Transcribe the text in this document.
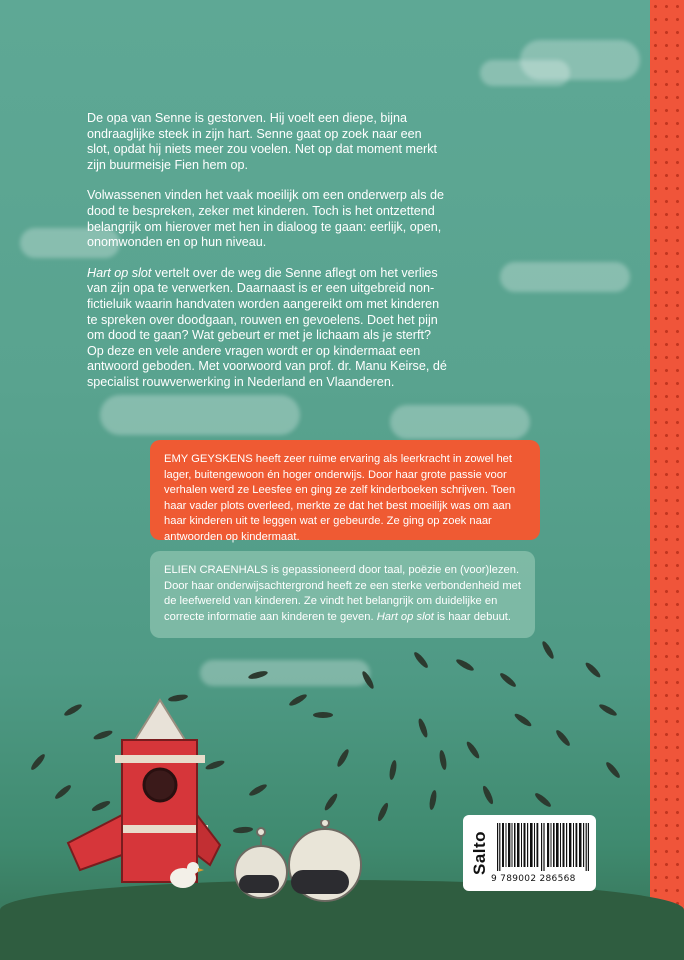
De opa van Senne is gestorven. Hij voelt een diepe, bijna ondraaglijke steek in zijn hart. Senne gaat op zoek naar een slot, opdat hij niets meer zou voelen. Net op dat moment merkt zijn buurmeisje Fien hem op.

Volwassenen vinden het vaak moeilijk om een onderwerp als de dood te bespreken, zeker met kinderen. Toch is het ontzettend belangrijk om hierover met hen in dialoog te gaan: eerlijk, open, onomwonden en op hun niveau.

Hart op slot vertelt over de weg die Senne aflegt om het verlies van zijn opa te verwerken. Daarnaast is er een uitgebreid non-fictieluik waarin handvaten worden aangereikt om met kinderen te spreken over doodgaan, rouwen en gevoelens. Doet het pijn om dood te gaan? Wat gebeurt er met je lichaam als je sterft? Op deze en vele andere vragen wordt er op kindermaat een antwoord geboden. Met voorwoord van prof. dr. Manu Keirse, dé specialist rouwverwerking in Nederland en Vlaanderen.

EMY GEYSKENS heeft zeer ruime ervaring als leerkracht in zowel het lager, buitengewoon én hoger onderwijs. Door haar grote passie voor verhalen werd ze Leesfee en ging ze zelf kinderboeken schrijven. Toen haar vader plots overleed, merkte ze dat het best moeilijk was om aan haar kinderen uit te leggen wat er gebeurde. Ze ging op zoek naar antwoorden op kindermaat.
ELIEN CRAENHALS is gepassioneerd door taal, poëzie en (voor)lezen. Door haar onderwijsachtergrond heeft ze een sterke verbondenheid met de leefwereld van kinderen. Ze vindt het belangrijk om duidelijke en correcte informatie aan kinderen te geven. Hart op slot is haar debuut.
Salto
9 789002 286568
